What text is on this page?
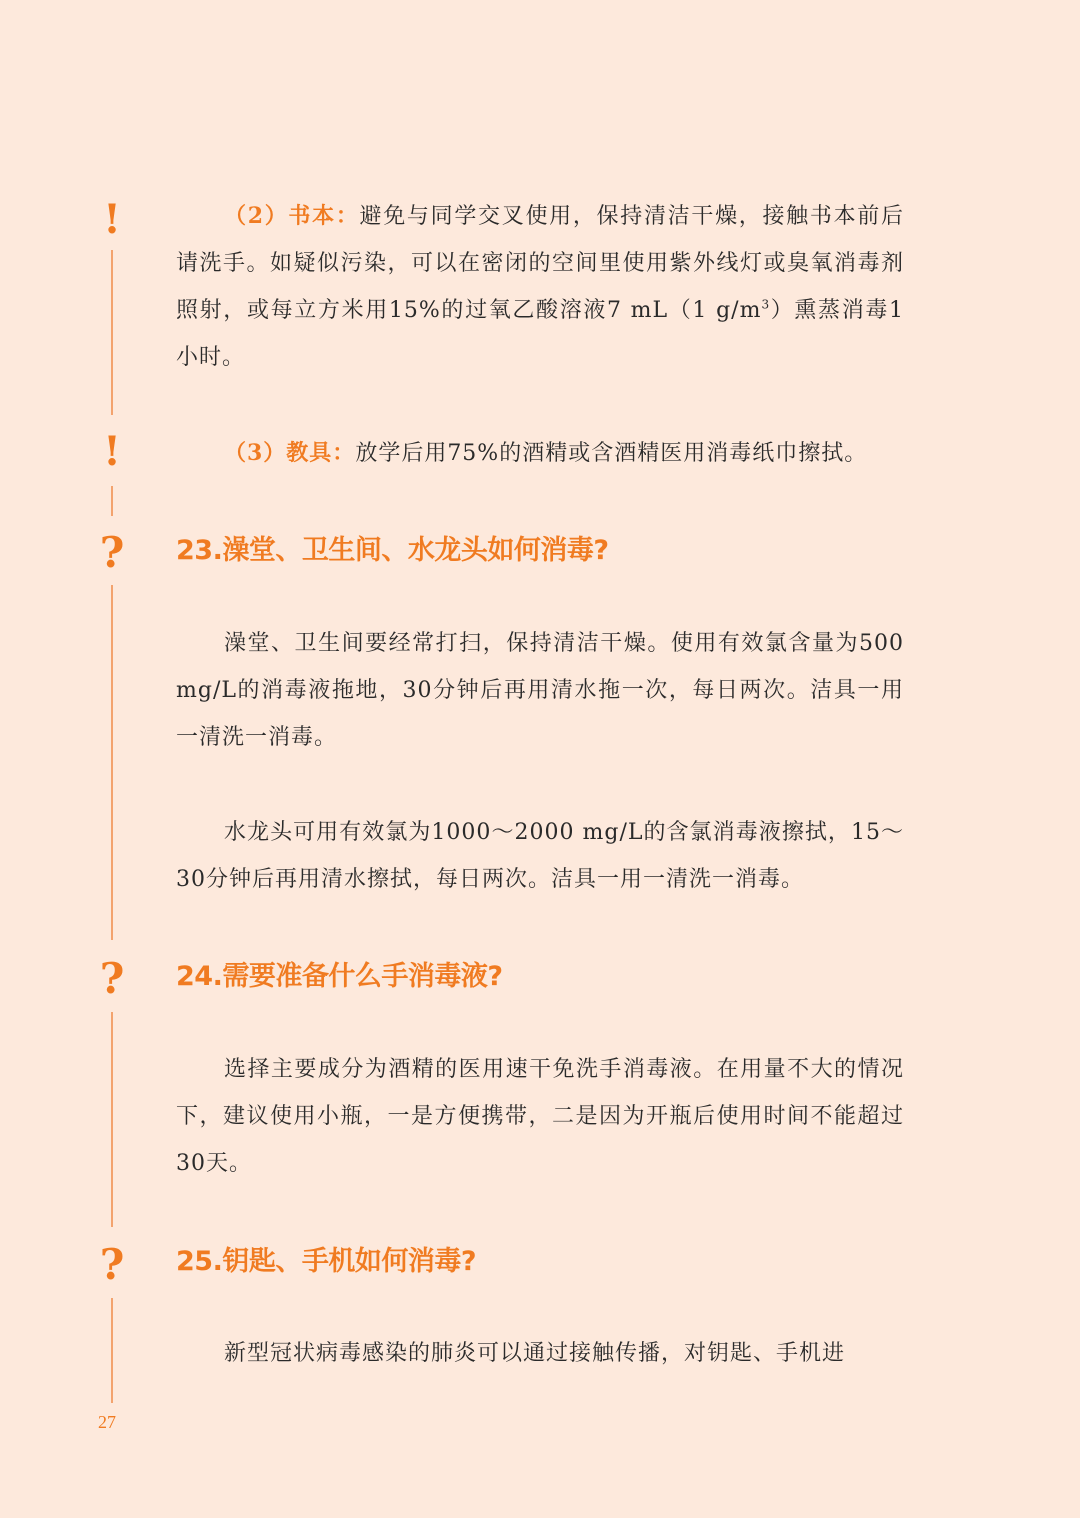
!
!
?
?
?

（2）书本：避免与同学交叉使用，保持清洁干燥，接触书本前后请洗手。如疑似污染，可以在密闭的空间里使用紫外线灯或臭氧消毒剂照射，或每立方米用15%的过氧乙酸溶液7 mL（1 $g/m^3$）熏蒸消毒1小时。

（3）教具：放学后用75%的酒精或含酒精医用消毒纸巾擦拭。

23.澡堂、卫生间、水龙头如何消毒?

澡堂、卫生间要经常打扫，保持清洁干燥。使用有效氯含量为500 mg/L的消毒液拖地，30分钟后再用清水拖一次，每日两次。洁具一用一清洗一消毒。

水龙头可用有效氯为1000～2000 mg/L的含氯消毒液擦拭，15～30分钟后再用清水擦拭，每日两次。洁具一用一清洗一消毒。

24.需要准备什么手消毒液?

选择主要成分为酒精的医用速干免洗手消毒液。在用量不大的情况下，建议使用小瓶，一是方便携带，二是因为开瓶后使用时间不能超过30天。

25.钥匙、手机如何消毒?

新型冠状病毒感染的肺炎可以通过接触传播，对钥匙、手机进

27
